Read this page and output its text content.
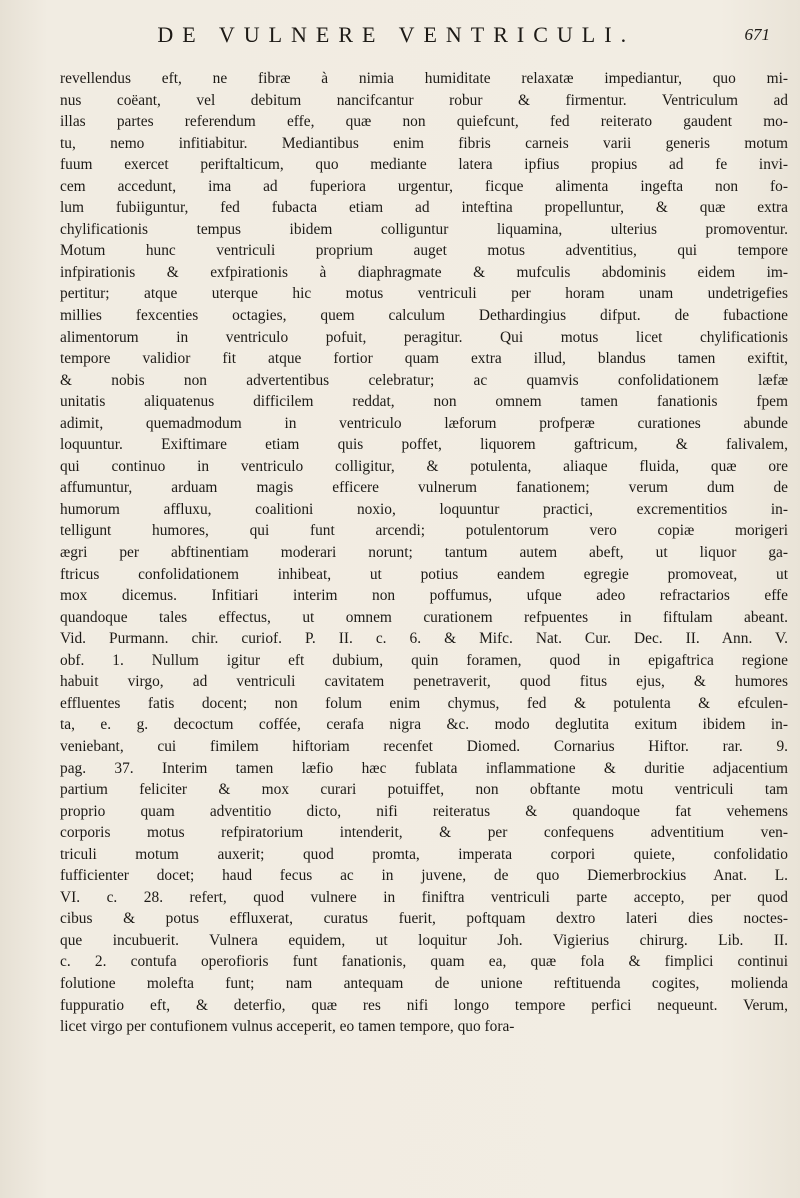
DE VULNERE VENTRICULI.	671
revellendus eft, ne fibræ à nimia humiditate relaxatæ impediantur, quo mi-
nus coëant, vel debitum nancifcantur robur & firmentur. Ventriculum ad
illas partes referendum effe, quæ non quiefcunt, fed reiterato gaudent mo-
tu, nemo infitiabitur. Mediantibus enim fibris carneis varii generis motum
fuum exercet periftalticum, quo mediante latera ipfius propius ad fe invi-
cem accedunt, ima ad fuperiora urgentur, ficque alimenta ingefta non fo-
lum fubiiguntur, fed fubacta etiam ad inteftina propelluntur, & quæ extra
chylificationis tempus ibidem colliguntur liquamina, ulterius promoventur.
Motum hunc ventriculi proprium auget motus adventitius, qui tempore
infpirationis & exfpirationis à diaphragmate & mufculis abdominis eidem im-
pertitur; atque uterque hic motus ventriculi per horam unam undetrigefies
millies fexcenties octagies, quem calculum Dethardingius difput. de fubactione
alimentorum in ventriculo pofuit, peragitur. Qui motus licet chylificationis
tempore validior fit atque fortior quam extra illud, blandus tamen exiftit,
& nobis non advertentibus celebratur; ac quamvis confolidationem læfæ
unitatis aliquatenus difficilem reddat, non omnem tamen fanationis fpem
adimit, quemadmodum in ventriculo læforum profperæ curationes abunde
loquuntur. Exiftimare etiam quis poffet, liquorem gaftricum, & falivalem,
qui continuo in ventriculo colligitur, & potulenta, aliaque fluida, quæ ore
affumuntur, arduam magis efficere vulnerum fanationem; verum dum de
humorum affluxu, coalitioni noxio, loquuntur practici, excrementitios in-
telligunt humores, qui funt arcendi; potulentorum vero copiæ morigeri
ægri per abftinentiam moderari norunt; tantum autem abeft, ut liquor ga-
ftricus confolidationem inhibeat, ut potius eandem egregie promoveat, ut
mox dicemus. Infitiari interim non poffumus, ufque adeo refractarios effe
quandoque tales effectus, ut omnem curationem refpuentes in fiftulam abeant.
Vid. Purmann. chir. curiof. P. II. c. 6. & Mifc. Nat. Cur. Dec. II. Ann. V.
obf. 1. Nullum igitur eft dubium, quin foramen, quod in epigaftrica regione
habuit virgo, ad ventriculi cavitatem penetraverit, quod fitus ejus, & humores
effluentes fatis docent; non folum enim chymus, fed & potulenta & efculen-
ta, e. g. decoctum coffée, cerafa nigra &c. modo deglutita exitum ibidem in-
veniebant, cui fimilem hiftoriam recenfet Diomed. Cornarius Hiftor. rar. 9.
pag. 37. Interim tamen læfio hæc fublata inflammatione & duritie adjacentium
partium feliciter & mox curari potuiffet, non obftante motu ventriculi tam
proprio quam adventitio dicto, nifi reiteratus & quandoque fat vehemens
corporis motus refpiratorium intenderit, & per confequens adventitium ven-
triculi motum auxerit; quod promta, imperata corpori quiete, confolidatio
fufficienter docet; haud fecus ac in juvene, de quo Diemerbrockius Anat. L.
VI. c. 28. refert, quod vulnere in finiftra ventriculi parte accepto, per quod
cibus & potus effluxerat, curatus fuerit, poftquam dextro lateri dies noctes-
que incubuerit. Vulnera equidem, ut loquitur Joh. Vigierius chirurg. Lib. II.
c. 2. contufa operofioris funt fanationis, quam ea, quæ fola & fimplici continui
folutione molefta funt; nam antequam de unione reftituenda cogites, molienda
fuppuratio eft, & deterfio, quæ res nifi longo tempore perfici nequeunt. Verum,
licet virgo per contufionem vulnus acceperit, eo tamen tempore, quo fora-
